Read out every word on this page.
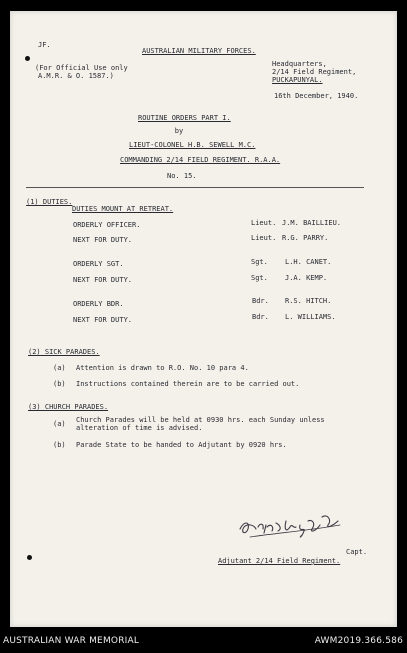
JF.
AUSTRALIAN MILITARY FORCES.
(For Official Use only
A.M.R. & O. 1587.)
Headquarters,
2/14 Field Regiment,
PUCKAPUNYAL.
16th December, 1940.
ROUTINE ORDERS PART I.
by
LIEUT-COLONEL H.B. SEWELL M.C.
COMMANDING 2/14 FIELD REGIMENT. R.A.A.
No. 15.
(1) DUTIES.
DUTIES MOUNT AT RETREAT.
ORDERLY OFFICER.	Lieut. J.M. BAILLIEU.
NEXT FOR DUTY.	Lieut. R.G. PARRY.
ORDERLY SGT.	Sgt. L.H. CANET.
NEXT FOR DUTY.	Sgt. J.A. KEMP.
ORDERLY BDR.	Bdr. R.S. HITCH.
NEXT FOR DUTY.	Bdr. L. WILLIAMS.
(2) SICK PARADES.
(a) Attention is drawn to R.O. No. 10 para 4.
(b) Instructions contained therein are to be carried out.
(3) CHURCH PARADES.
(a) Church Parades will be held at 0930 hrs. each Sunday unless
alteration of time is advised.
(b) Parade State to be handed to Adjutant by 0920 hrs.
Capt.
Adjutant 2/14 Field Regiment.
AUSTRALIAN WAR MEMORIAL	AWM2019.366.586
